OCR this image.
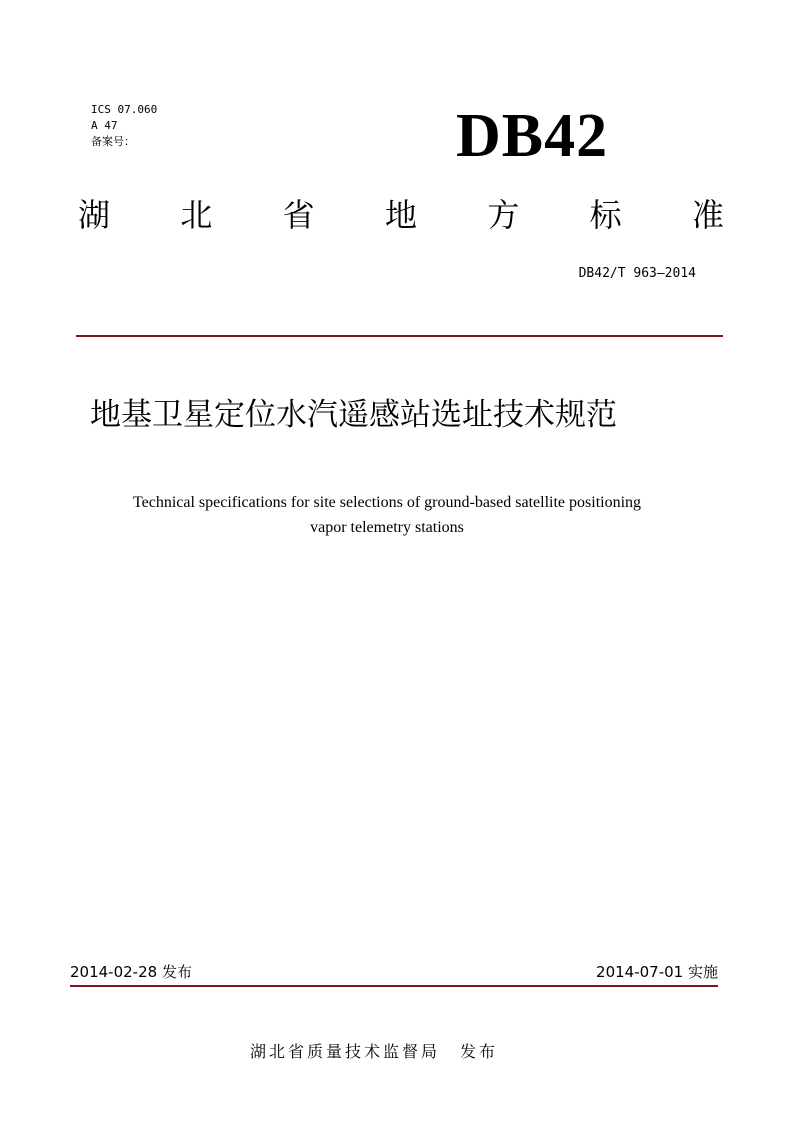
ICS 07.060
A 47
备案号：	DB42
湖 北 省 地 方 标 准
DB42/T 963—2014
地基卫星定位水汽遥感站选址技术规范
Technical specifications for site selections of ground-based satellite positioning
vapor telemetry stations
2014-02-28 发布	2014-07-01 实施
湖北省质量技术监督局 发布
